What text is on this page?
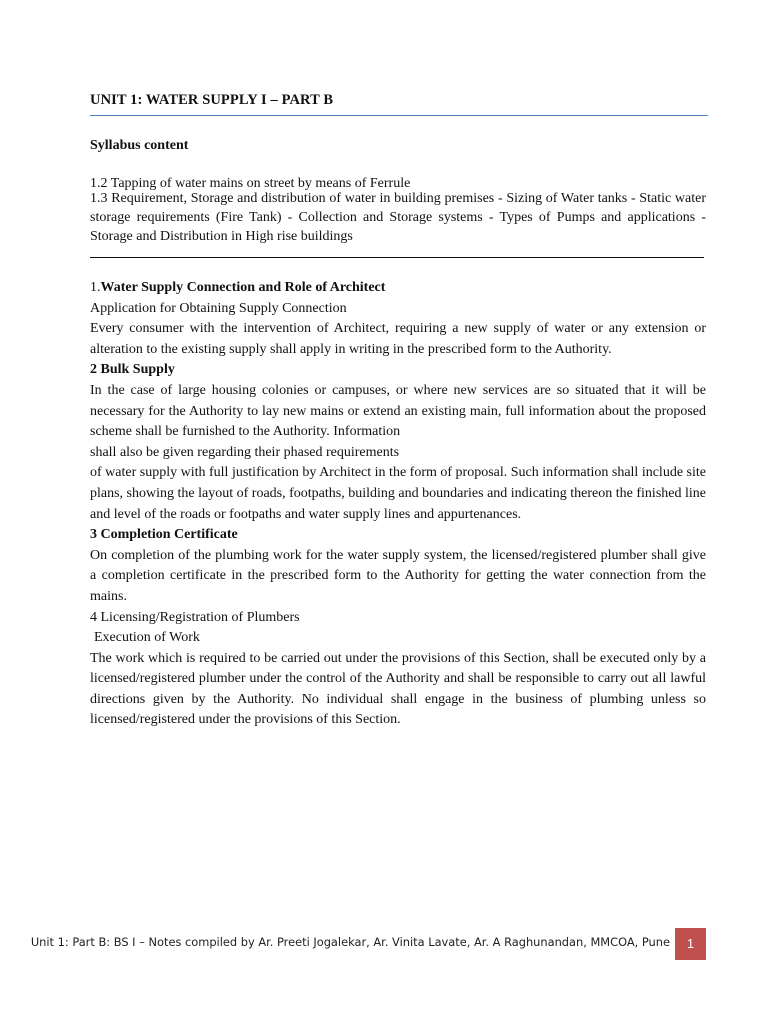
UNIT 1: WATER SUPPLY I – PART B
Syllabus content
1.2 Tapping of water mains on street by means of Ferrule
1.3 Requirement, Storage and distribution of water in building premises - Sizing of Water tanks - Static water storage requirements (Fire Tank) - Collection and Storage systems - Types of Pumps and applications - Storage and Distribution in High rise buildings

1.Water Supply Connection and Role of Architect

Application for Obtaining Supply Connection

Every consumer with the intervention of Architect, requiring a new supply of water or any extension or alteration to the existing supply shall apply in writing in the prescribed form to the Authority.

2 Bulk Supply

In the case of large housing colonies or campuses, or where new services are so situated that it will be necessary for the Authority to lay new mains or extend an existing main, full information about the proposed scheme shall be furnished to the Authority. Information

shall also be given regarding their phased requirements

of water supply with full justification by Architect in the form of proposal. Such information shall include site plans, showing the layout of roads, footpaths, building and boundaries and indicating thereon the finished line and level of the roads or footpaths and water supply lines and appurtenances.

3 Completion Certificate

On completion of the plumbing work for the water supply system, the licensed/registered plumber shall give a completion certificate in the prescribed form to the Authority for getting the water connection from the mains.

4 Licensing/Registration of Plumbers

Execution of Work

The work which is required to be carried out under the provisions of this Section, shall be executed only by a licensed/registered plumber under the control of the Authority and shall be responsible to carry out all lawful directions given by the Authority. No individual shall engage in the business of plumbing unless so licensed/registered under the provisions of this Section.

Unit 1: Part B: BS I – Notes compiled by Ar. Preeti Jogalekar, Ar. Vinita Lavate, Ar. A Raghunandan, MMCOA, Pune	1
